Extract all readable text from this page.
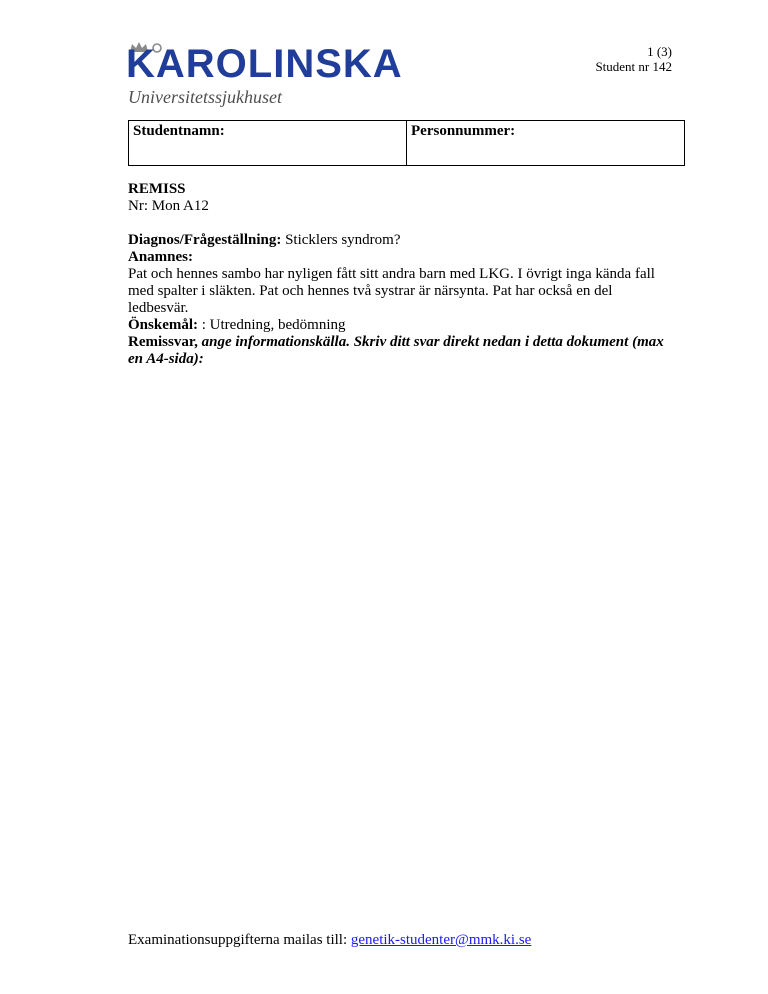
KAROLINSKA
Universitetssjukhuset
1 (3)
Student nr 142
Studentnamn:	Personnummer:

REMISS

Nr: Mon A12

Diagnos/Frågeställning: Sticklers syndrom?

Anamnes:

Pat och hennes sambo har nyligen fått sitt andra barn med LKG. I övrigt inga kända fall med spalter i släkten. Pat och hennes två systrar är närsynta. Pat har också en del ledbesvär.

Önskemål: : Utredning, bedömning

Remissvar, ange informationskälla. Skriv ditt svar direkt nedan i detta dokument (max en A4-sida):

Examinationsuppgifterna mailas till: genetik-studenter@mmk.ki.se
